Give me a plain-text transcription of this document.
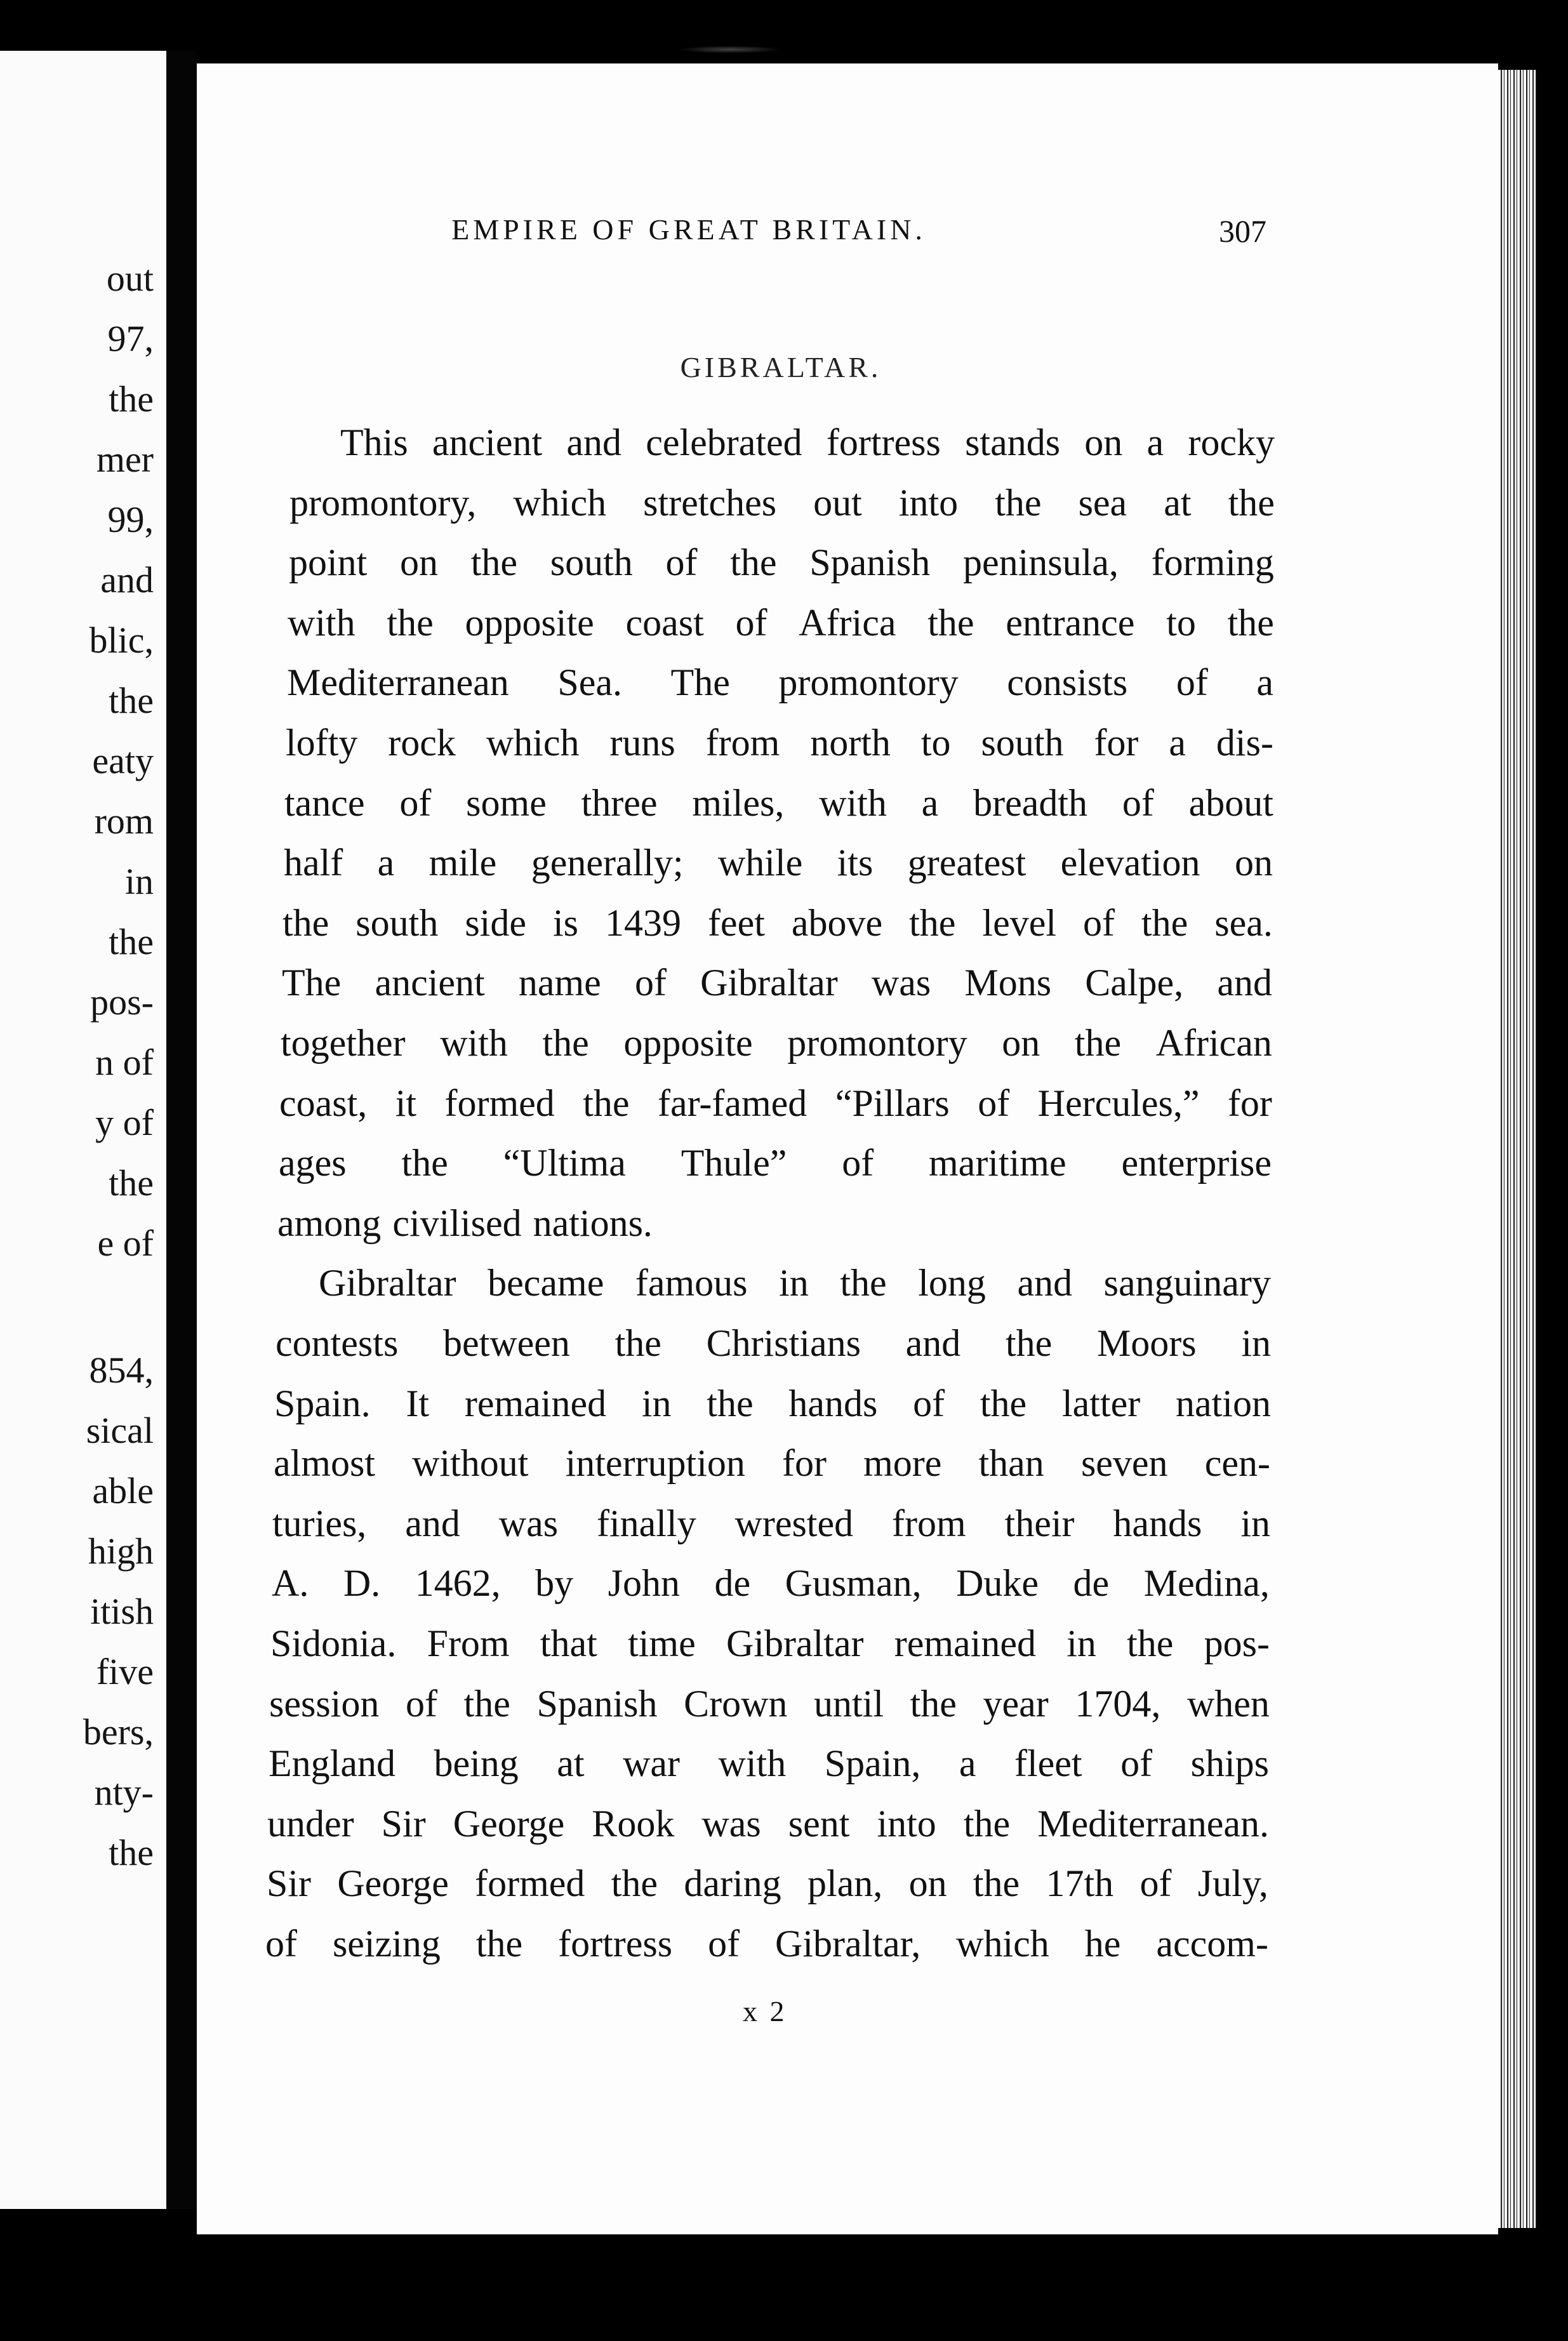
out
97,
the
mer
99,
and
blic,
the
eaty
rom
in
the
pos-
n of
y of
the
e of
854,
sical
able
high
itish
five
bers,
nty-
the
EMPIRE OF GREAT BRITAIN.	307
GIBRALTAR.
This ancient and celebrated fortress stands on a rocky
promontory, which stretches out into the sea at the
point on the south of the Spanish peninsula, forming
with the opposite coast of Africa the entrance to the
Mediterranean Sea. The promontory consists of a
lofty rock which runs from north to south for a dis-
tance of some three miles, with a breadth of about
half a mile generally; while its greatest elevation on
the south side is 1439 feet above the level of the sea.
The ancient name of Gibraltar was Mons Calpe, and
together with the opposite promontory on the African
coast, it formed the far-famed “Pillars of Hercules,” for
ages the “Ultima Thule” of maritime enterprise
among civilised nations.
Gibraltar became famous in the long and sanguinary
contests between the Christians and the Moors in
Spain. It remained in the hands of the latter nation
almost without interruption for more than seven cen-
turies, and was finally wrested from their hands in
A. D. 1462, by John de Gusman, Duke de Medina,
Sidonia. From that time Gibraltar remained in the pos-
session of the Spanish Crown until the year 1704, when
England being at war with Spain, a fleet of ships
under Sir George Rook was sent into the Mediterranean.
Sir George formed the daring plan, on the 17th of July,
of seizing the fortress of Gibraltar, which he accom-
x 2
